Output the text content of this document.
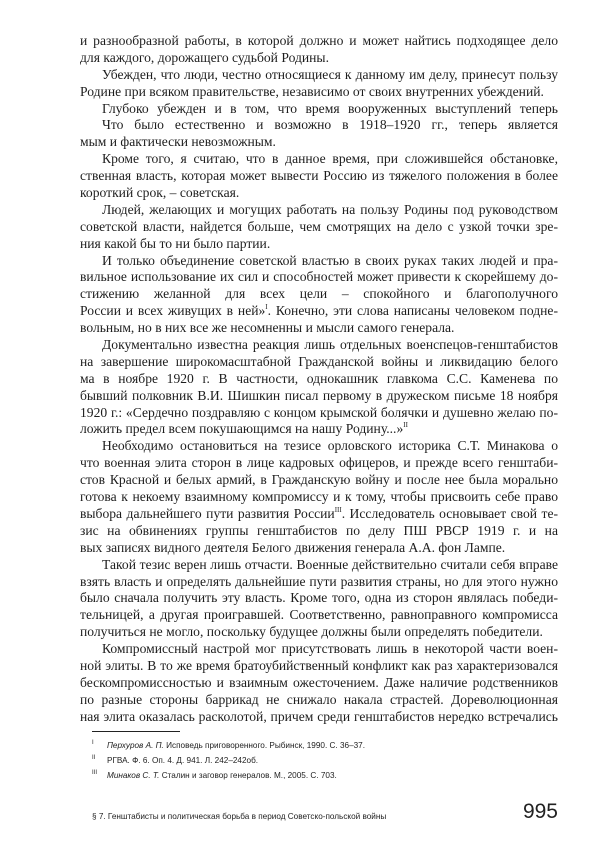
и разнообразной работы, в которой должно и может найтись подходящее дело
для каждого, дорожащего судьбой Родины.
Убежден, что люди, честно относящиеся к данному им делу, принесут пользу
Родине при всяком правительстве, независимо от своих внутренних убеждений.
Глубоко убежден и в том, что время вооруженных выступлений теперь
Что было естественно и возможно в 1918–1920 гг., теперь является
мым и фактически невозможным.
Кроме того, я считаю, что в данное время, при сложившейся обстановке,
ственная власть, которая может вывести Россию из тяжелого положения в более
короткий срок, – советская.
Людей, желающих и могущих работать на пользу Родины под руководством
советской власти, найдется больше, чем смотрящих на дело с узкой точки зре-
ния какой бы то ни было партии.
И только объединение советской властью в своих руках таких людей и пра-
вильное использование их сил и способностей может привести к скорейшему до-
стижению желанной для всех цели – спокойного и благополучного
России и всех живущих в ней»$^I$. Конечно, эти слова написаны человеком подне-
вольным, но в них все же несомненны и мысли самого генерала.
Документально известна реакция лишь отдельных военспецов-генштабистов
на завершение широкомасштабной Гражданской войны и ликвидацию белого
ма в ноябре 1920 г. В частности, однокашник главкома С.С. Каменева по
бывший полковник В.И. Шишкин писал первому в дружеском письме 18 ноября
1920 г.: «Сердечно поздравляю с концом крымской болячки и душевно желаю по-
ложить предел всем покушающимся на нашу Родину...»$^{II}$
Необходимо остановиться на тезисе орловского историка С.Т. Минакова о
что военная элита сторон в лице кадровых офицеров, и прежде всего генштаби-
стов Красной и белых армий, в Гражданскую войну и после нее была морально
готова к некоему взаимному компромиссу и к тому, чтобы присвоить себе право
выбора дальнейшего пути развития России$^{III}$. Исследователь основывает свой те-
зис на обвинениях группы генштабистов по делу ПШ РВСР 1919 г. и на
вых записях видного деятеля Белого движения генерала А.А. фон Лампе.
Такой тезис верен лишь отчасти. Военные действительно считали себя вправе
взять власть и определять дальнейшие пути развития страны, но для этого нужно
было сначала получить эту власть. Кроме того, одна из сторон являлась победи-
тельницей, а другая проигравшей. Соответственно, равноправного компромисса
получиться не могло, поскольку будущее должны были определять победители.
Компромиссный настрой мог присутствовать лишь в некоторой части воен-
ной элиты. В то же время братоубийственный конфликт как раз характеризовался
бескомпромиссностью и взаимным ожесточением. Даже наличие родственников
по разные стороны баррикад не снижало накала страстей. Дореволюционная
ная элита оказалась расколотой, причем среди генштабистов нередко встречались
I Перхуров А. П. Исповедь приговоренного. Рыбинск, 1990. С. 36–37.
II РГВА. Ф. 6. Оп. 4. Д. 941. Л. 242–242об.
III Минаков С. Т. Сталин и заговор генералов. М., 2005. С. 703.
§ 7. Генштабисты и политическая борьба в период Советско-польской войны	995
